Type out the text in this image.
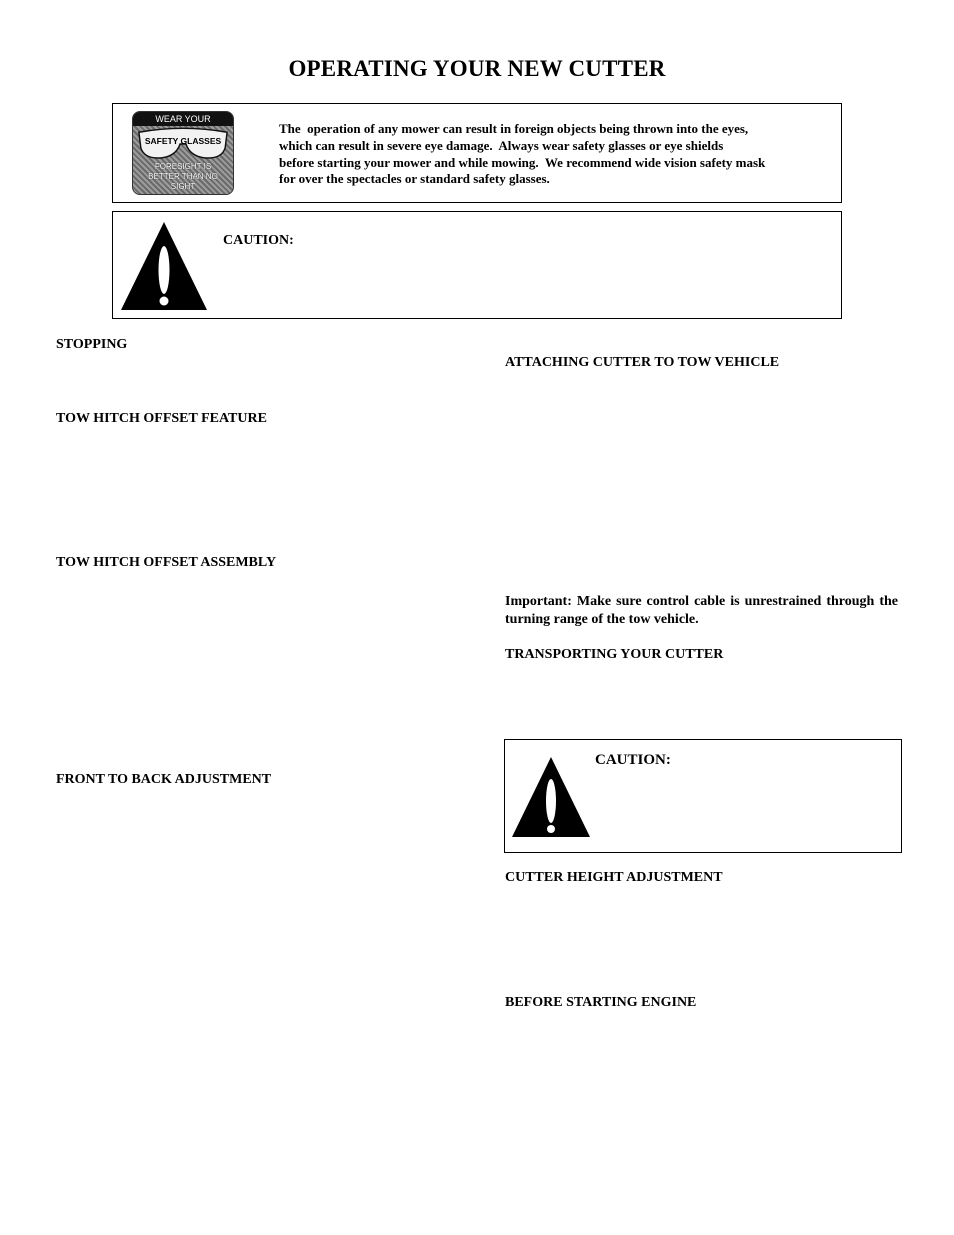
OPERATING YOUR NEW CUTTER
WEAR YOUR
SAFETY GLASSES
FORESIGHT IS BETTER THAN NO SIGHT
The  operation of any mower can result in foreign objects being thrown into the eyes,
which can result in severe eye damage.  Always wear safety glasses or eye shields
before starting your mower and while mowing.  We recommend wide vision safety mask
for over the spectacles or standard safety glasses.
CAUTION:
STOPPING
TOW HITCH OFFSET FEATURE
TOW HITCH OFFSET ASSEMBLY
FRONT TO BACK ADJUSTMENT
ATTACHING CUTTER TO TOW VEHICLE
Important: Make sure control cable is unrestrained through the turning range of the tow vehicle.
TRANSPORTING YOUR CUTTER
CAUTION:
CUTTER HEIGHT ADJUSTMENT
BEFORE STARTING ENGINE
